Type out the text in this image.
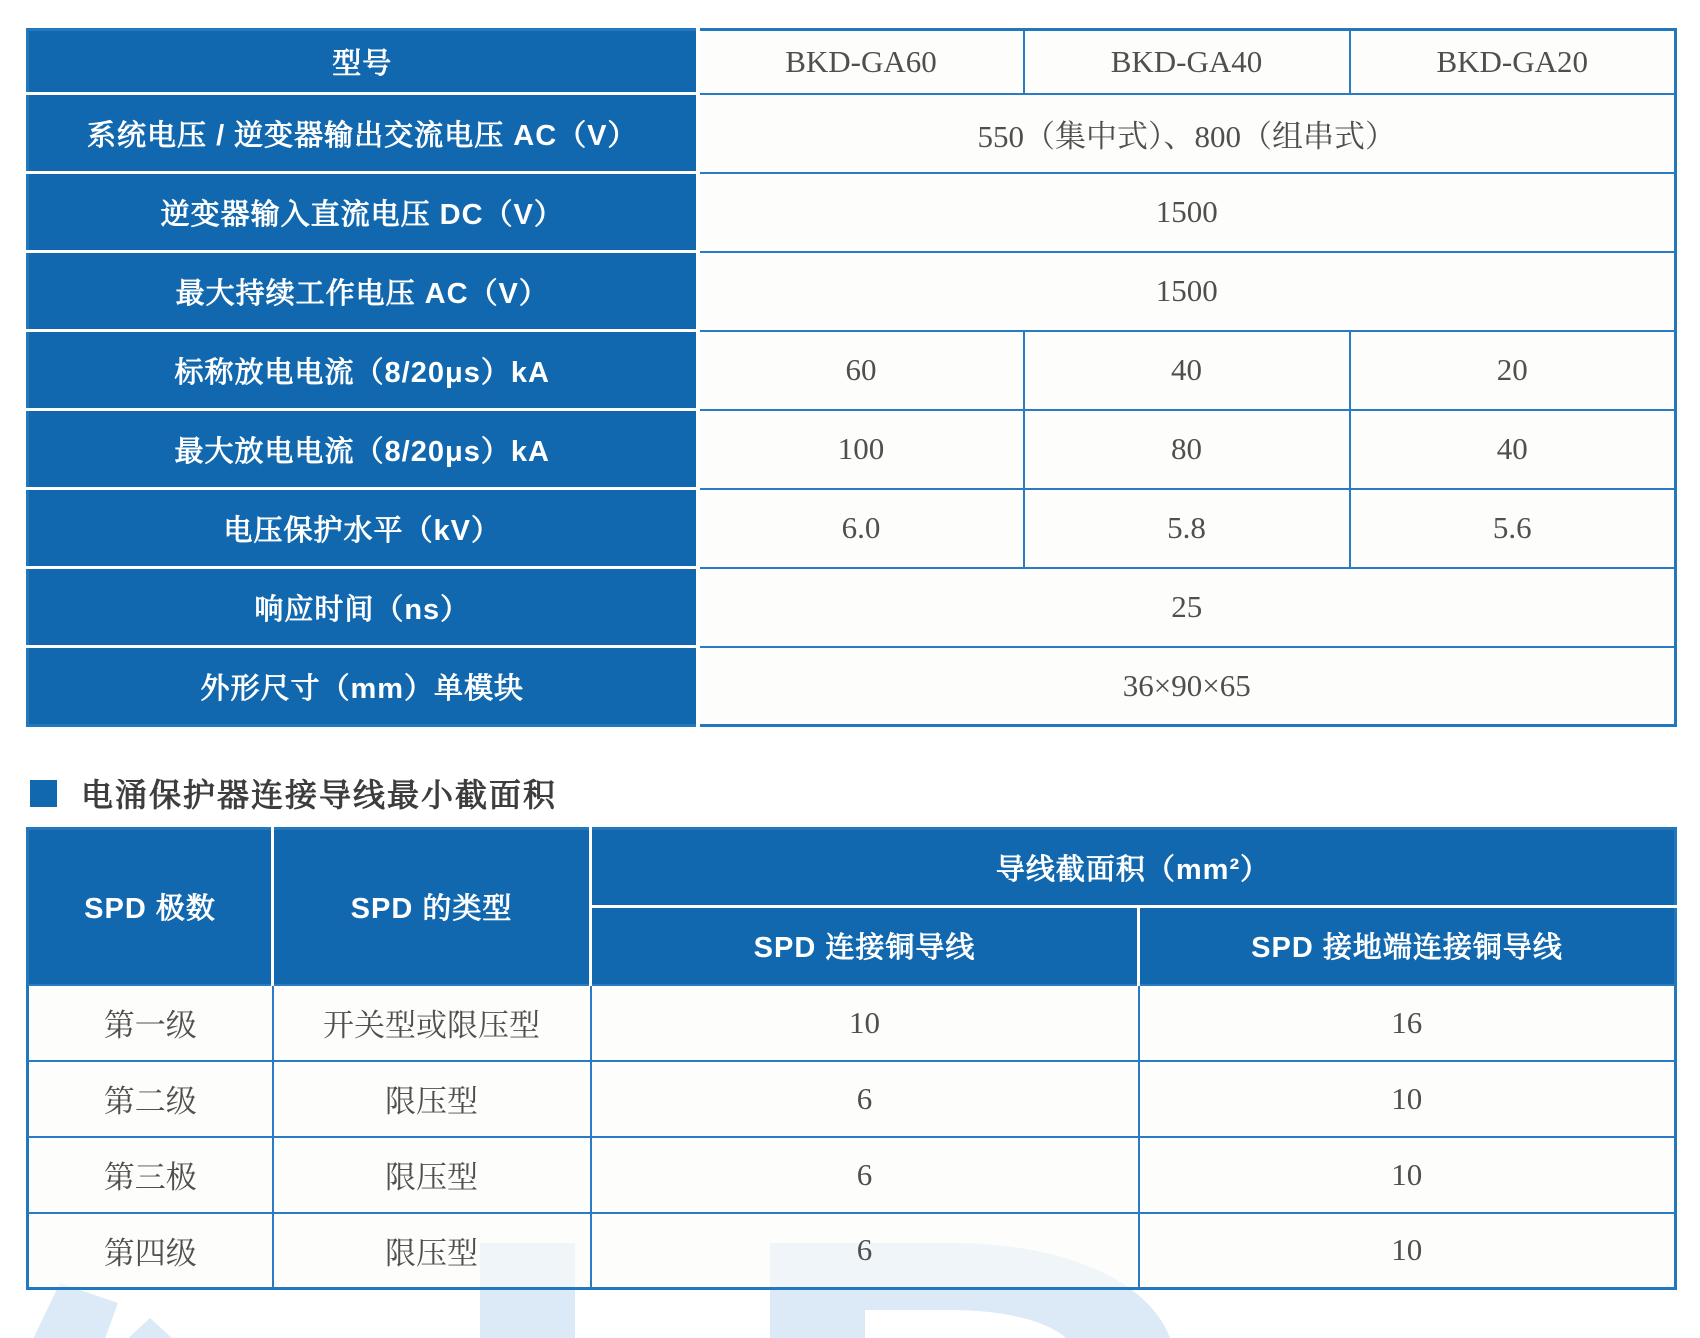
型号	BKD-GA60	BKD-GA40	BKD-GA20
系统电压 / 逆变器输出交流电压 AC（V）	550（集中式）、800（组串式）		
逆变器输入直流电压 DC（V）	1500		
最大持续工作电压 AC（V）	1500		
标称放电电流（8/20μs）kA	60	40	20
最大放电电流（8/20μs）kA	100	80	40
电压保护水平（kV）	6.0	5.8	5.6
响应时间（ns）	25		
外形尺寸（mm）单模块	36×90×65		
电涌保护器连接导线最小截面积
SPD 极数	SPD 的类型	导线截面积（mm²）	
		SPD 连接铜导线	SPD 接地端连接铜导线
第一级	开关型或限压型	10	16
第二级	限压型	6	10
第三极	限压型	6	10
第四级	限压型	6	10
